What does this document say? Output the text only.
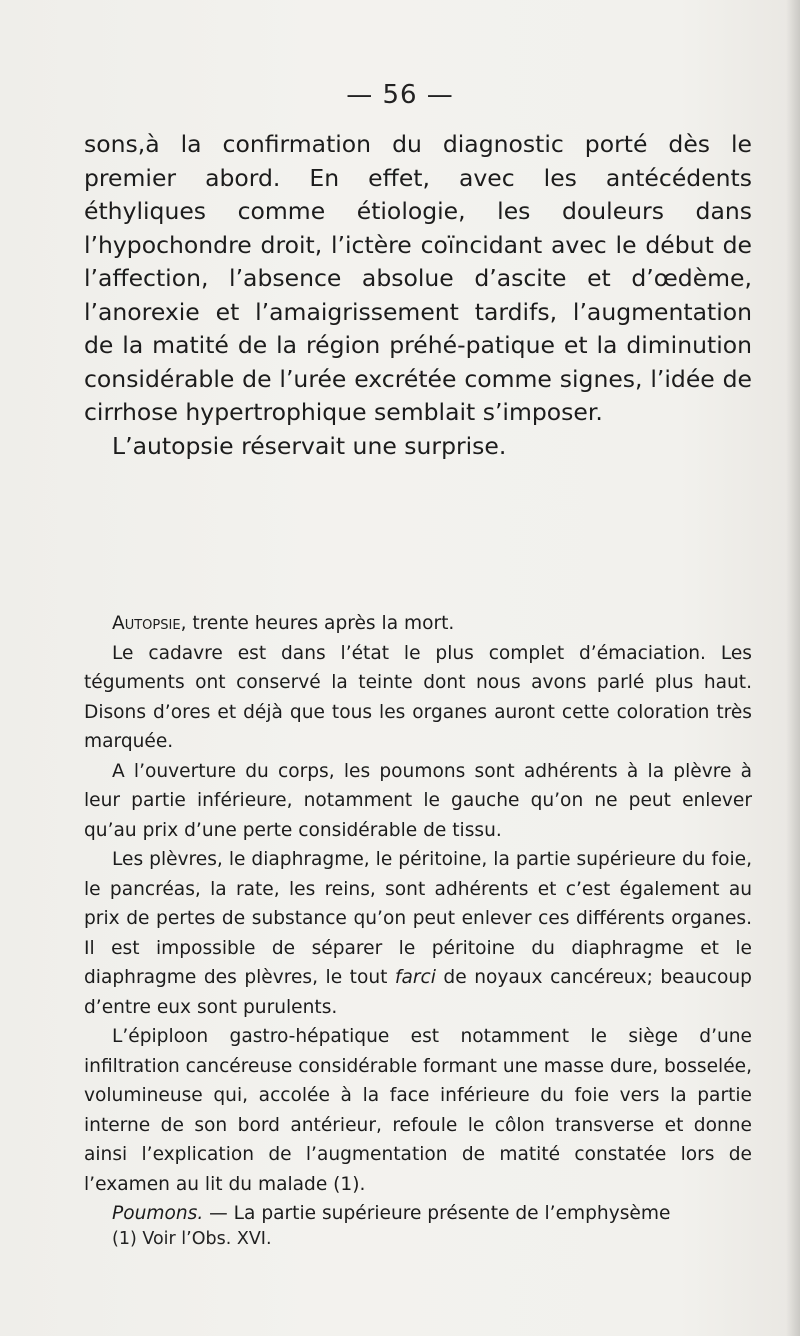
— 56 —

sons,à la confirmation du diagnostic porté dès le premier abord. En effet, avec les antécédents éthyliques comme étiologie, les douleurs dans l’hypochondre droit, l’ictère coïncidant avec le début de l’affection, l’absence absolue d’ascite et d’œdème, l’anorexie et l’amaigrissement tardifs, l’augmentation de la matité de la région préhé-patique et la diminution considérable de l’urée excrétée comme signes, l’idée de cirrhose hypertrophique semblait s’imposer.

L’autopsie réservait une surprise.

Autopsie, trente heures après la mort.

Le cadavre est dans l’état le plus complet d’émaciation. Les téguments ont conservé la teinte dont nous avons parlé plus haut. Disons d’ores et déjà que tous les organes auront cette coloration très marquée.

A l’ouverture du corps, les poumons sont adhérents à la plèvre à leur partie inférieure, notamment le gauche qu’on ne peut enlever qu’au prix d’une perte considérable de tissu.

Les plèvres, le diaphragme, le péritoine, la partie supérieure du foie, le pancréas, la rate, les reins, sont adhérents et c’est également au prix de pertes de substance qu’on peut enlever ces différents organes. Il est impossible de séparer le péritoine du diaphragme et le diaphragme des plèvres, le tout farci de noyaux cancéreux; beaucoup d’entre eux sont purulents.

L’épiploon gastro-hépatique est notamment le siège d’une infiltration cancéreuse considérable formant une masse dure, bosselée, volumineuse qui, accolée à la face inférieure du foie vers la partie interne de son bord antérieur, refoule le côlon transverse et donne ainsi l’explication de l’augmentation de matité constatée lors de l’examen au lit du malade (1).

Poumons. — La partie supérieure présente de l’emphysème

(1) Voir l’Obs. XVI.
